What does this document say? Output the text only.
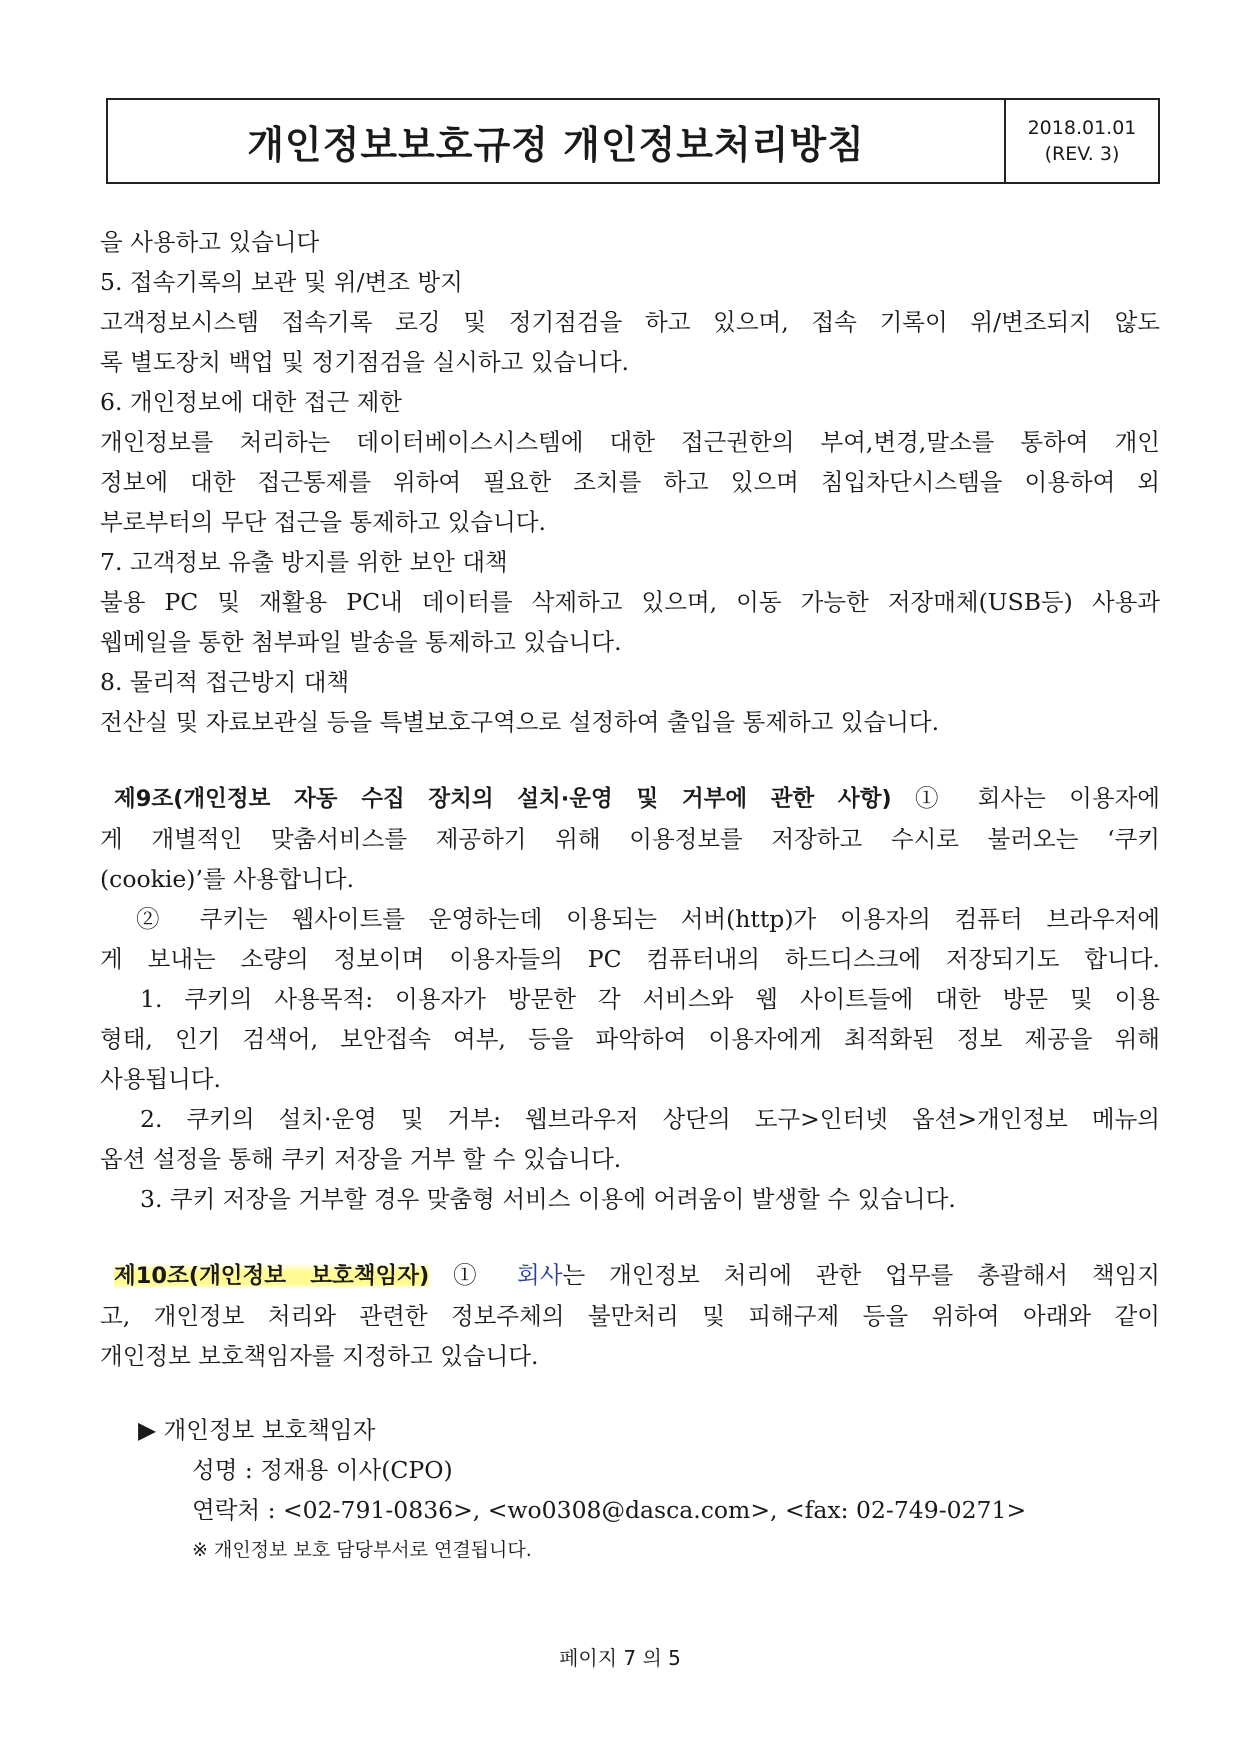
개인정보보호규정 개인정보처리방침	2018.01.01
(REV. 3)
을 사용하고 있습니다
5. 접속기록의 보관 및 위/변조 방지
고객정보시스템 접속기록 로깅 및 정기점검을 하고 있으며, 접속 기록이 위/변조되지 않도
록 별도장치 백업 및 정기점검을 실시하고 있습니다.
6. 개인정보에 대한 접근 제한
개인정보를 처리하는 데이터베이스시스템에 대한 접근권한의 부여,변경,말소를 통하여 개인
정보에 대한 접근통제를 위하여 필요한 조치를 하고 있으며 침입차단시스템을 이용하여 외
부로부터의 무단 접근을 통제하고 있습니다.
7. 고객정보 유출 방지를 위한 보안 대책
불용 PC 및 재활용 PC내 데이터를 삭제하고 있으며, 이동 가능한 저장매체(USB등) 사용과
웹메일을 통한 첨부파일 발송을 통제하고 있습니다.
8. 물리적 접근방지 대책
전산실 및 자료보관실 등을 특별보호구역으로 설정하여 출입을 통제하고 있습니다.
제9조(개인정보 자동 수집 장치의 설치·운영 및 거부에 관한 사항) ① 회사는 이용자에
게 개별적인 맞춤서비스를 제공하기 위해 이용정보를 저장하고 수시로 불러오는 ‘쿠키
(cookie)’를 사용합니다.
② 쿠키는 웹사이트를 운영하는데 이용되는 서버(http)가 이용자의 컴퓨터 브라우저에
게 보내는 소량의 정보이며 이용자들의 PC 컴퓨터내의 하드디스크에 저장되기도 합니다.
1. 쿠키의 사용목적: 이용자가 방문한 각 서비스와 웹 사이트들에 대한 방문 및 이용
형태, 인기 검색어, 보안접속 여부, 등을 파악하여 이용자에게 최적화된 정보 제공을 위해
사용됩니다.
2. 쿠키의 설치·운영 및 거부: 웹브라우저 상단의 도구>인터넷 옵션>개인정보 메뉴의
옵션 설정을 통해 쿠키 저장을 거부 할 수 있습니다.
3. 쿠키 저장을 거부할 경우 맞춤형 서비스 이용에 어려움이 발생할 수 있습니다.
제10조(개인정보 보호책임자) ① 회사는 개인정보 처리에 관한 업무를 총괄해서 책임지
고, 개인정보 처리와 관련한 정보주체의 불만처리 및 피해구제 등을 위하여 아래와 같이
개인정보 보호책임자를 지정하고 있습니다.
▶ 개인정보 보호책임자
성명 : 정재용 이사(CPO)
연락처 : <02-791-0836>, <wo0308@dasca.com>, <fax: 02-749-0271>
※ 개인정보 보호 담당부서로 연결됩니다.
페이지 7 의 5
